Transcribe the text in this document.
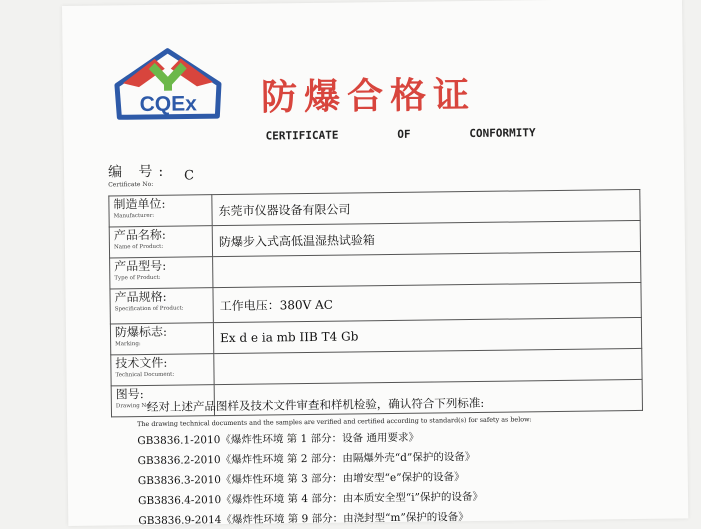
CQEx 防爆合格证
CERTIFICATE	OF	CONFORMITY
编 号:
Certificate No:
C
制造单位:
Manufacturer:	东莞市仪器设备有限公司

产品名称:
Name of Product:	防爆步入式高低温湿热试验箱

产品型号:
Type of Product:	

产品规格:
Specification of Product:	工作电压：380V AC

防爆标志:
Marking:	Ex d e ia mb IIB T4 Gb

技术文件:
Technical Document:	

图号:
Drawing No:	

经对上述产品图样及技术文件审查和样机检验，确认符合下列标准:
The drawing technical documents and the samples are verified and certified according to standard(s) for safety as below:
GB3836.1-2010《爆炸性环境 第 1 部分：设备 通用要求》
GB3836.2-2010《爆炸性环境 第 2 部分：由隔爆外壳“d”保护的设备》
GB3836.3-2010《爆炸性环境 第 3 部分：由增安型“e”保护的设备》
GB3836.4-2010《爆炸性环境 第 4 部分：由本质安全型“i”保护的设备》
GB3836.9-2014《爆炸性环境 第 9 部分：由浇封型“m”保护的设备》
